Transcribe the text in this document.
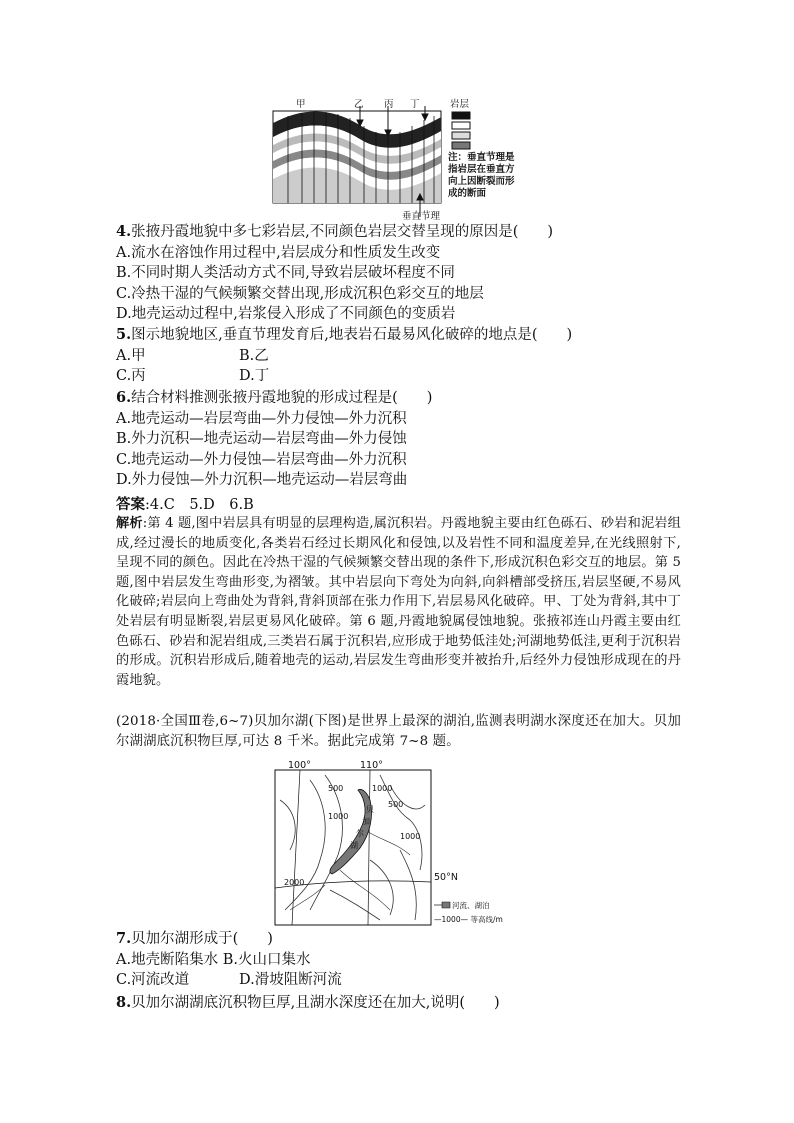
甲	乙 丙 丁	岩层
注：垂直节理是
指岩层在垂直方
向上因断裂而形
成的断面
垂直节理
4.张掖丹霞地貌中多七彩岩层,不同颜色岩层交替呈现的原因是(　　)
A.流水在溶蚀作用过程中,岩层成分和性质发生改变
B.不同时期人类活动方式不同,导致岩层破坏程度不同
C.冷热干湿的气候频繁交替出现,形成沉积色彩交互的地层
D.地壳运动过程中,岩浆侵入形成了不同颜色的变质岩
5.图示地貌地区,垂直节理发育后,地表岩石最易风化破碎的地点是(　　)
A.甲	B.乙
C.丙	D.丁
6.结合材料推测张掖丹霞地貌的形成过程是(　　)
A.地壳运动—岩层弯曲—外力侵蚀—外力沉积
B.外力沉积—地壳运动—岩层弯曲—外力侵蚀
C.地壳运动—外力侵蚀—岩层弯曲—外力沉积
D.外力侵蚀—外力沉积—地壳运动—岩层弯曲
答案:4.C　5.D　6.B
解析:第 4 题,图中岩层具有明显的层理构造,属沉积岩。丹霞地貌主要由红色砾石、砂岩和泥岩组成,经过漫长的地质变化,各类岩石经过长期风化和侵蚀,以及岩性不同和温度差异,在光线照射下,呈现不同的颜色。因此在冷热干湿的气候频繁交替出现的条件下,形成沉积色彩交互的地层。第 5 题,图中岩层发生弯曲形变,为褶皱。其中岩层向下弯处为向斜,向斜槽部受挤压,岩层坚硬,不易风化破碎;岩层向上弯曲处为背斜,背斜顶部在张力作用下,岩层易风化破碎。甲、丁处为背斜,其中丁处岩层有明显断裂,岩层更易风化破碎。第 6 题,丹霞地貌属侵蚀地貌。张掖祁连山丹霞主要由红色砾石、砂岩和泥岩组成,三类岩石属于沉积岩,应形成于地势低洼处;河湖地势低洼,更利于沉积岩的形成。沉积岩形成后,随着地壳的运动,岩层发生弯曲形变并被抬升,后经外力侵蚀形成现在的丹霞地貌。
(2018·全国Ⅲ卷,6~7)贝加尔湖(下图)是世界上最深的湖泊,监测表明湖水深度还在加大。贝加尔湖湖底沉积物巨厚,可达 8 千米。据此完成第 7~8 题。
100°	110°
50°N
500	1000
1000
500
2000
1000
贝
加
尔
湖
河流、湖泊
—1000— 等高线/m
7.贝加尔湖形成于(　　)
A.地壳断陷集水 B.火山口集水
C.河流改道	D.滑坡阻断河流
8.贝加尔湖湖底沉积物巨厚,且湖水深度还在加大,说明(　　)
